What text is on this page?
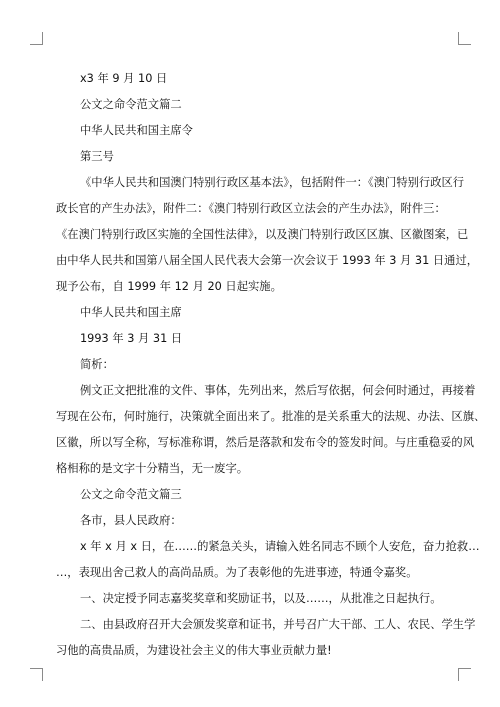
x3 年 9 月 10 日
公文之命令范文篇二
中华人民共和国主席令
第三号
《中华人民共和国澳门特别行政区基本法》，包括附件一：《澳门特别行政区行
政长官的产生办法》，附件二：《澳门特别行政区立法会的产生办法》，附件三：
《在澳门特别行政区实施的全国性法律》，以及澳门特别行政区区旗、区徽图案，已
由中华人民共和国第八届全国人民代表大会第一次会议于 1993 年 3 月 31 日通过，
现予公布，自 1999 年 12 月 20 日起实施。
中华人民共和国主席
1993 年 3 月 31 日
简析：
例文正文把批准的文件、事体，先列出来，然后写依据，何会何时通过，再接着
写现在公布，何时施行，决策就全面出来了。批准的是关系重大的法规、办法、区旗、
区徽，所以写全称，写标准称谓，然后是落款和发布令的签发时间。与庄重稳妥的风
格相称的是文字十分精当，无一废字。
公文之命令范文篇三
各市，县人民政府：
x 年 x 月 x 日，在……的紧急关头，请输入姓名同志不顾个人安危，奋力抢救…
…，表现出舍己救人的高尚品质。为了表彰他的先进事迹，特通令嘉奖。
一、决定授予同志嘉奖奖章和奖励证书，以及……，从批准之日起执行。
二、由县政府召开大会颁发奖章和证书，并号召广大干部、工人、农民、学生学
习他的高贵品质，为建设社会主义的伟大事业贡献力量!
